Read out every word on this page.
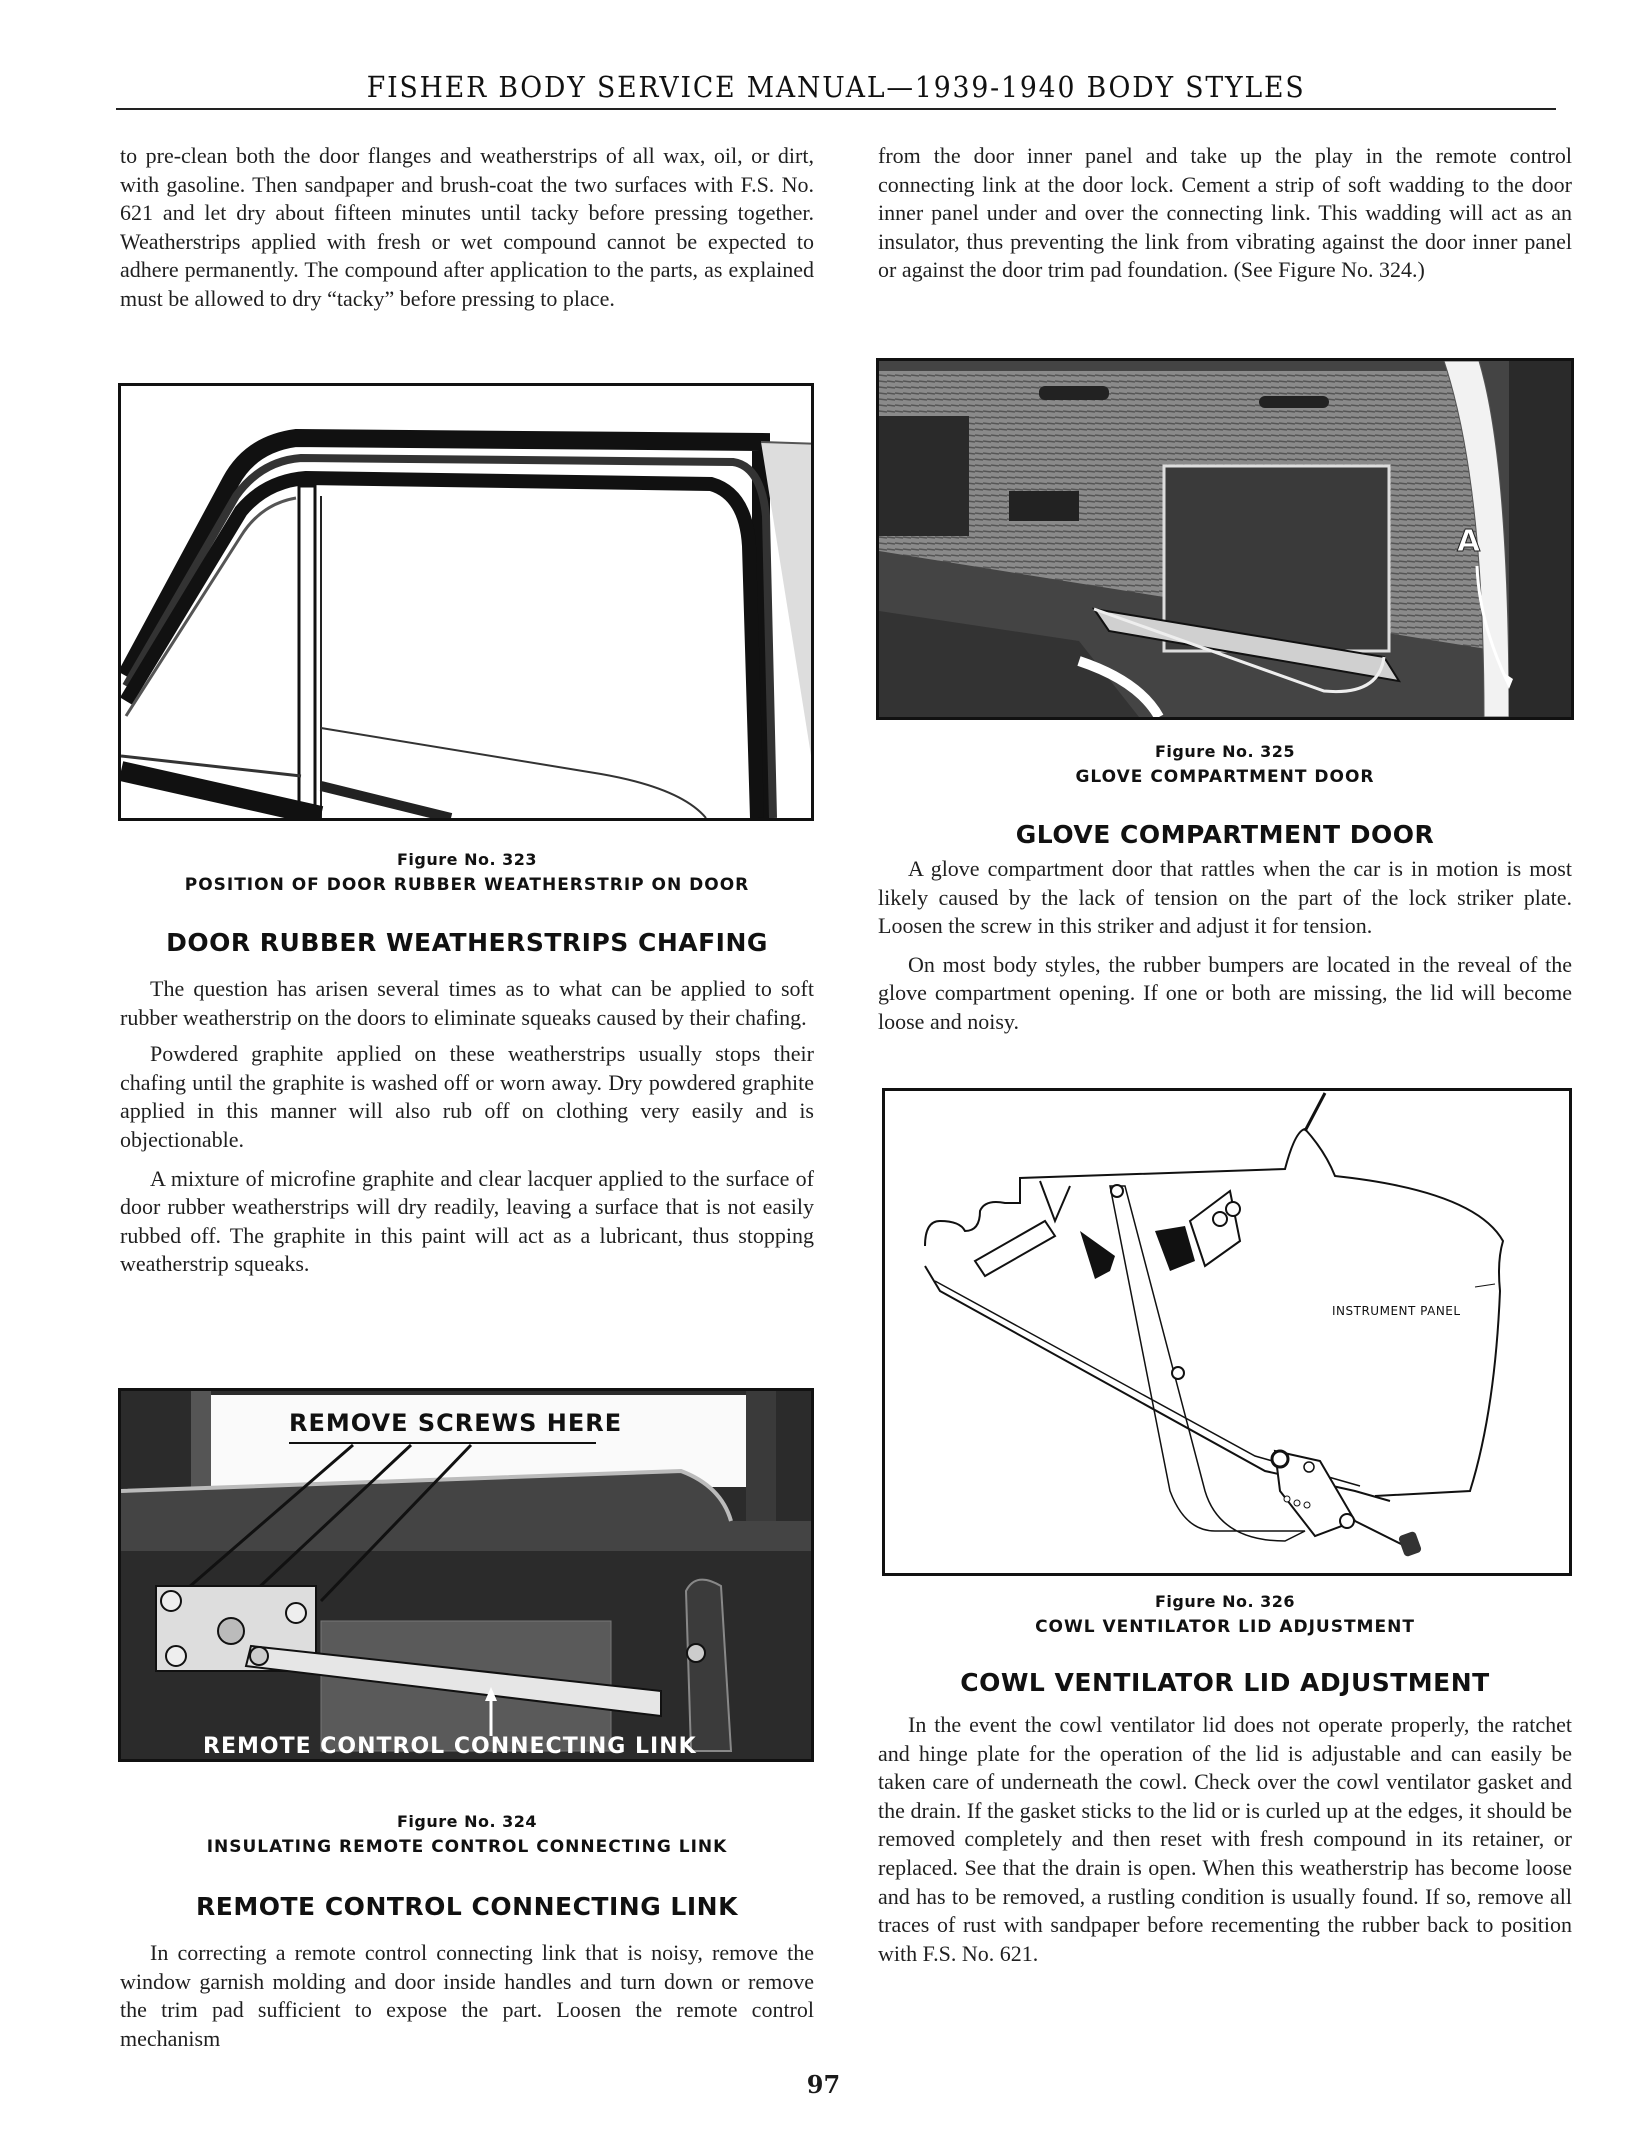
FISHER BODY SERVICE MANUAL—1939-1940 BODY STYLES

to pre-clean both the door flanges and weatherstrips of all wax, oil, or dirt, with gasoline. Then sandpaper and brush-coat the two surfaces with F.S. No. 621 and let dry about fifteen minutes until tacky before pressing together. Weatherstrips applied with fresh or wet compound cannot be expected to adhere permanently. The compound after application to the parts, as explained must be allowed to dry “tacky” before pressing to place.

Figure No. 323
POSITION OF DOOR RUBBER WEATHERSTRIP ON DOOR
DOOR RUBBER WEATHERSTRIPS CHAFING

The question has arisen several times as to what can be applied to soft rubber weatherstrip on the doors to eliminate squeaks caused by their chafing.

Powdered graphite applied on these weatherstrips usually stops their chafing until the graphite is washed off or worn away. Dry powdered graphite applied in this manner will also rub off on clothing very easily and is objectionable.

A mixture of microfine graphite and clear lacquer applied to the surface of door rubber weatherstrips will dry readily, leaving a surface that is not easily rubbed off. The graphite in this paint will act as a lubricant, thus stopping weatherstrip squeaks.

REMOVE SCREWS HERE
REMOTE CONTROL CONNECTING LINK
Figure No. 324
INSULATING REMOTE CONTROL CONNECTING LINK
REMOTE CONTROL CONNECTING LINK

In correcting a remote control connecting link that is noisy, remove the window garnish molding and door inside handles and turn down or remove the trim pad sufficient to expose the part. Loosen the remote control mechanism

from the door inner panel and take up the play in the remote control connecting link at the door lock. Cement a strip of soft wadding to the door inner panel under and over the connecting link. This wadding will act as an insulator, thus preventing the link from vibrating against the door inner panel or against the door trim pad foundation. (See Figure No. 324.)

A
Figure No. 325
GLOVE COMPARTMENT DOOR
GLOVE COMPARTMENT DOOR

A glove compartment door that rattles when the car is in motion is most likely caused by the lack of tension on the part of the lock striker plate. Loosen the screw in this striker and adjust it for tension.

On most body styles, the rubber bumpers are located in the reveal of the glove compartment opening. If one or both are missing, the lid will become loose and noisy.

INSTRUMENT PANEL
Figure No. 326
COWL VENTILATOR LID ADJUSTMENT
COWL VENTILATOR LID ADJUSTMENT

In the event the cowl ventilator lid does not operate properly, the ratchet and hinge plate for the operation of the lid is adjustable and can easily be taken care of underneath the cowl. Check over the cowl ventilator gasket and the drain. If the gasket sticks to the lid or is curled up at the edges, it should be removed completely and then reset with fresh compound in its retainer, or replaced. See that the drain is open. When this weatherstrip has become loose and has to be removed, a rustling condition is usually found. If so, remove all traces of rust with sandpaper before recementing the rubber back to position with F.S. No. 621.

97
